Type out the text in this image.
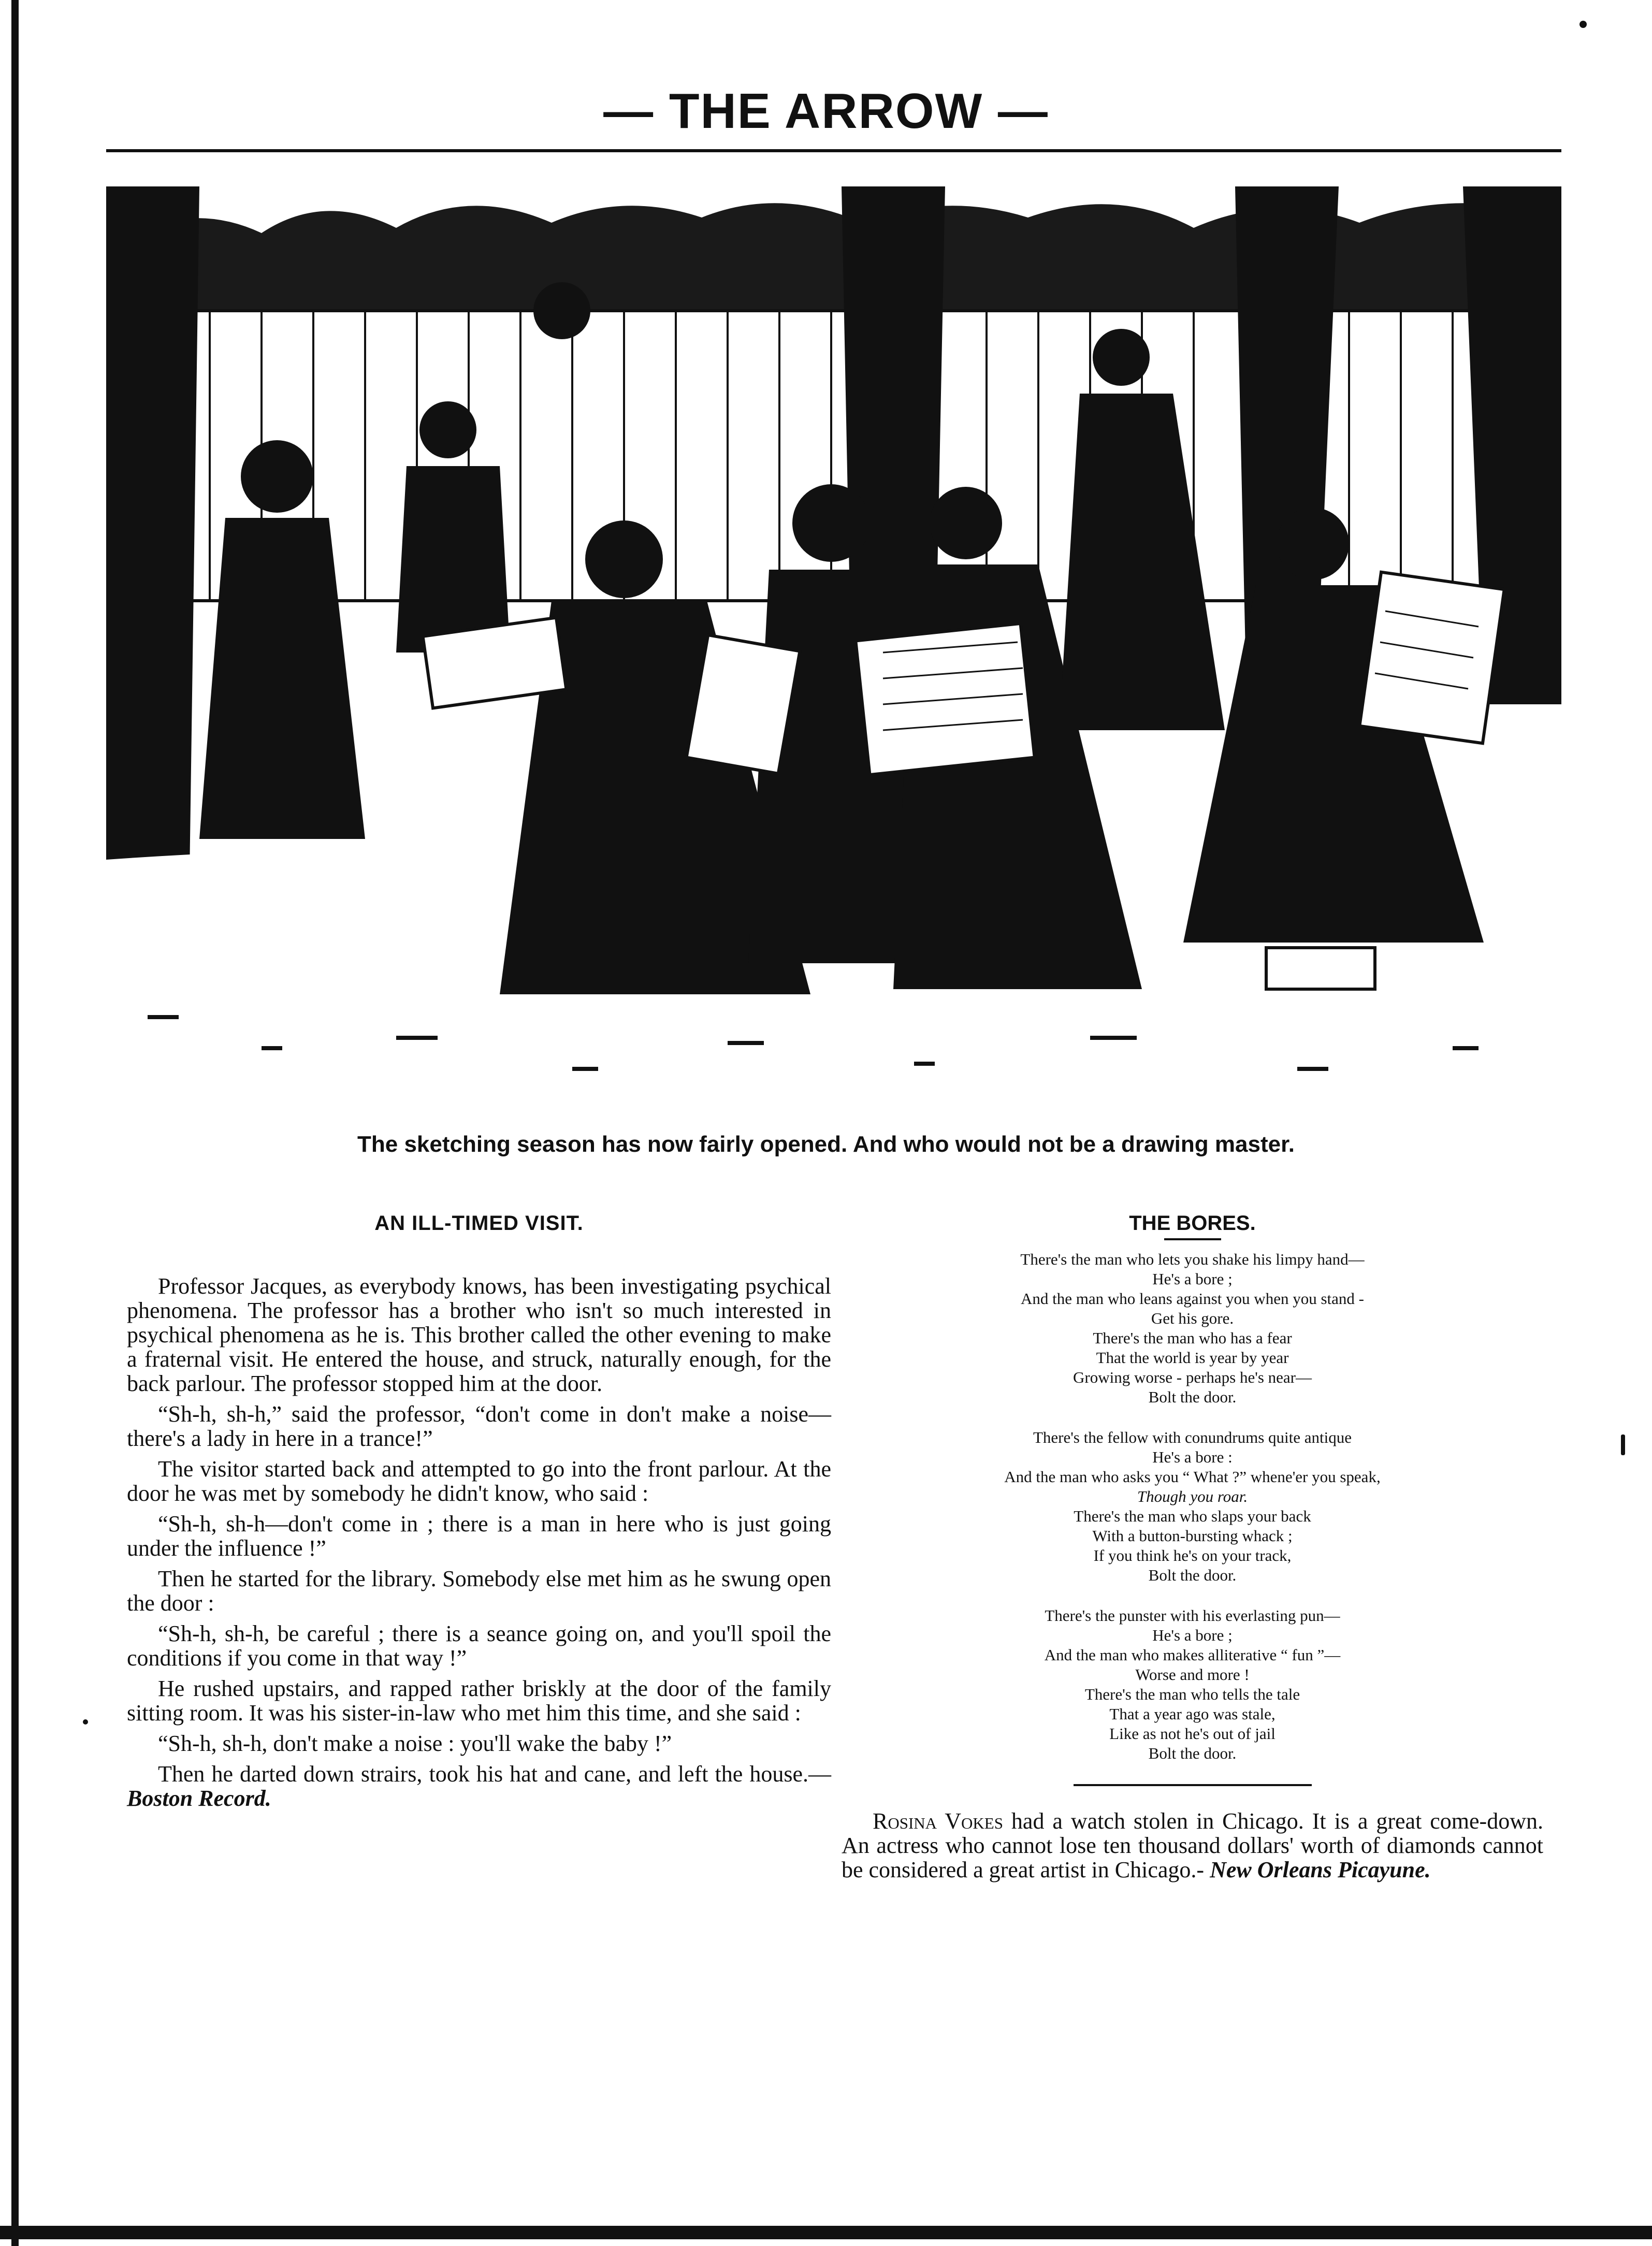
— THE ARROW —
The sketching season has now fairly opened. And who would not be a drawing master.
AN ILL-TIMED VISIT.

Professor Jacques, as everybody knows, has been investigating psychical phenomena. The professor has a brother who isn't so much interested in psychical phenomena as he is. This brother called the other evening to make a fraternal visit. He entered the house, and struck, naturally enough, for the back parlour. The professor stopped him at the door.

“Sh-h, sh-h,” said the professor, “don't come in don't make a noise— there's a lady in here in a trance!”

The visitor started back and attempted to go into the front parlour. At the door he was met by somebody he didn't know, who said :

“Sh-h, sh-h—don't come in ; there is a man in here who is just going under the influence !”

Then he started for the library. Somebody else met him as he swung open the door :

“Sh-h, sh-h, be careful ; there is a seance going on, and you'll spoil the conditions if you come in that way !”

He rushed upstairs, and rapped rather briskly at the door of the family sitting room. It was his sister-in-law who met him this time, and she said :

“Sh-h, sh-h, don't make a noise : you'll wake the baby !”

Then he darted down strairs, took his hat and cane, and left the house.—Boston Record.

THE BORES.
There's the man who lets you shake his limpy hand—
He's a bore ;
And the man who leans against you when you stand -
Get his gore.
There's the man who has a fear
That the world is year by year
Growing worse - perhaps he's near—
Bolt the door.
There's the fellow with conundrums quite antique
He's a bore :
And the man who asks you “ What ?” whene'er you speak,
Though you roar.
There's the man who slaps your back
With a button-bursting whack ;
If you think he's on your track,
Bolt the door.
There's the punster with his everlasting pun—
He's a bore ;
And the man who makes alliterative “ fun ”—
Worse and more !
There's the man who tells the tale
That a year ago was stale,
Like as not he's out of jail
Bolt the door.

Rosina Vokes had a watch stolen in Chicago. It is a great come-down. An actress who cannot lose ten thousand dollars' worth of diamonds cannot be considered a great artist in Chicago.- New Orleans Picayune.
